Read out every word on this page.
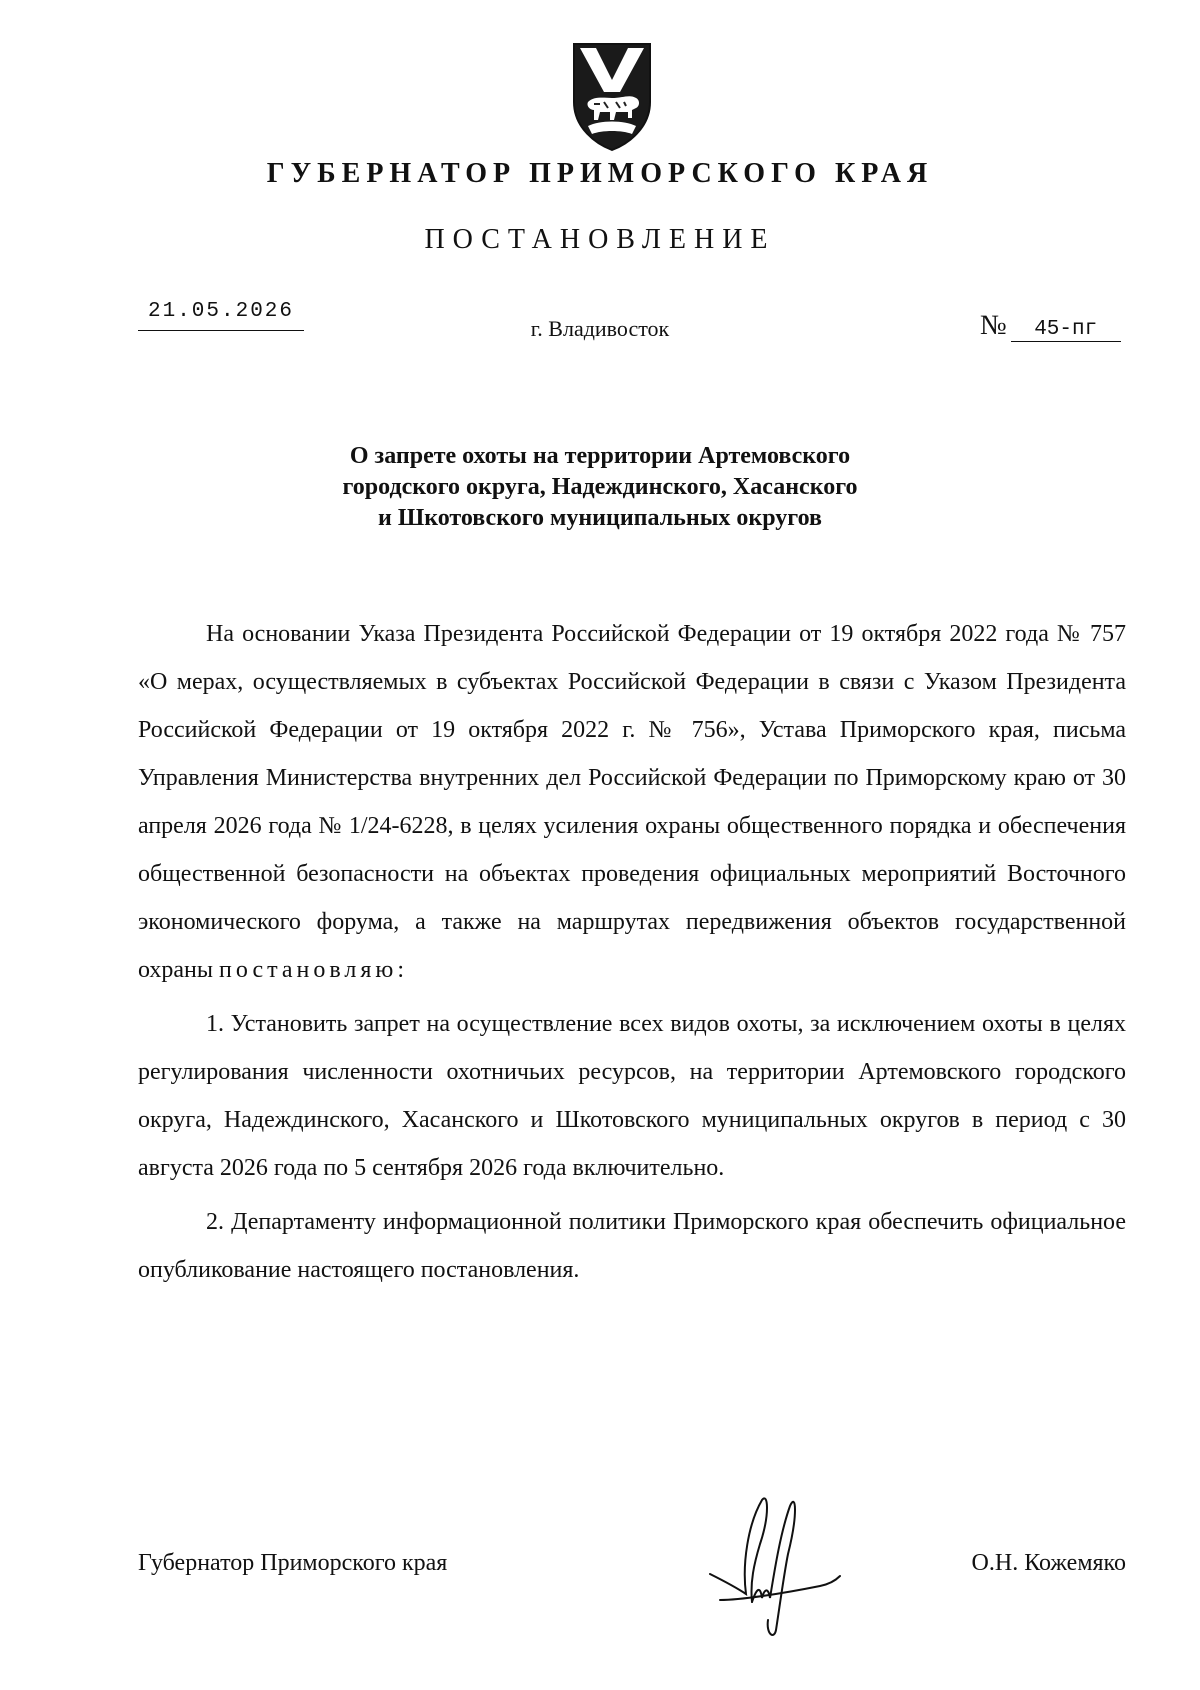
ГУБЕРНАТОР ПРИМОРСКОГО КРАЯ
ПОСТАНОВЛЕНИЕ
21.05.2026
г. Владивосток	№ 45-пг
О запрете охоты на территории Артемовского
городского округа, Надеждинского, Хасанского
и Шкотовского муниципальных округов

На основании Указа Президента Российской Федерации от 19 октября 2022 года № 757 «О мерах, осуществляемых в субъектах Российской Федерации в связи с Указом Президента Российской Федерации от 19 октября 2022 г. № 756», Устава Приморского края, письма Управления Министерства внутренних дел Российской Федерации по Приморскому краю от 30 апреля 2026 года № 1/24-6228, в целях усиления охраны общественного порядка и обеспечения общественной безопасности на объектах проведения официальных мероприятий Восточного экономического форума, а также на маршрутах передвижения объектов государственной охраны постановляю:

1. Установить запрет на осуществление всех видов охоты, за исключением охоты в целях регулирования численности охотничьих ресурсов, на территории Артемовского городского округа, Надеждинского, Хасанского и Шкотовского муниципальных округов в период с 30 августа 2026 года по 5 сентября 2026 года включительно.

2. Департаменту информационной политики Приморского края обеспечить официальное опубликование настоящего постановления.

Губернатор Приморского края	О.Н. Кожемяко
